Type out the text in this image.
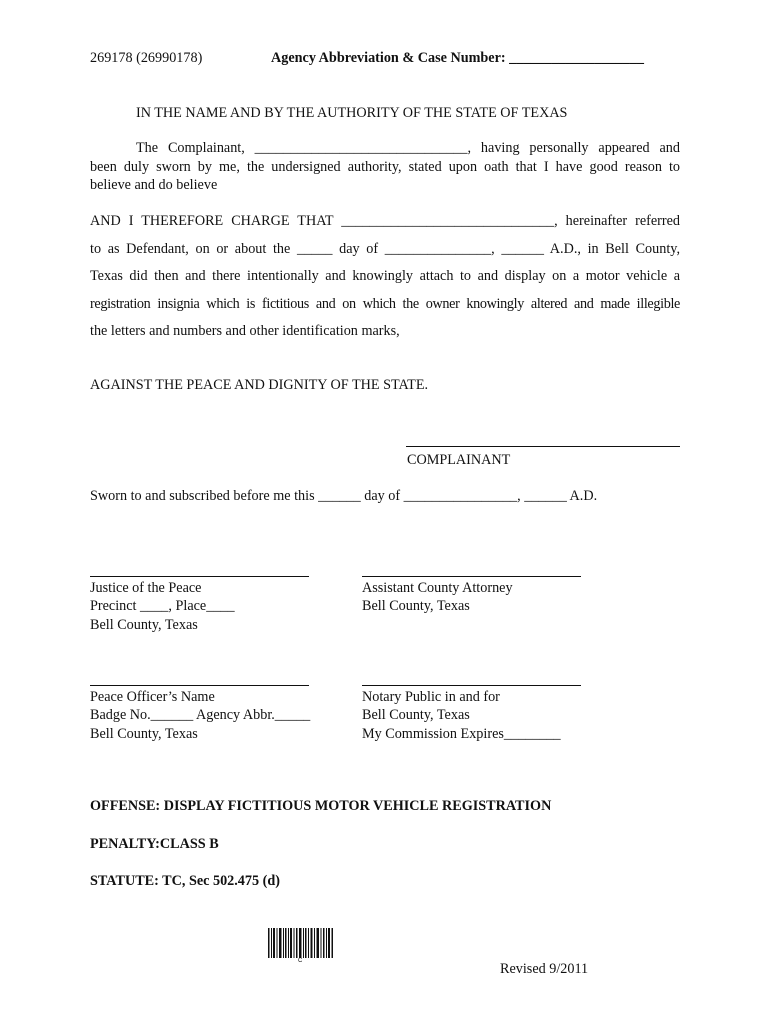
269178 (26990178)	Agency Abbreviation & Case Number: ___________________
IN THE NAME AND BY THE AUTHORITY OF THE STATE OF TEXAS
The Complainant, ______________________________, having personally appeared and
been duly sworn by me, the undersigned authority, stated upon oath that I have good reason to
believe and do believe
AND I THEREFORE CHARGE THAT ______________________________, hereinafter referred
to as Defendant, on or about the _____ day of _______________, ______ A.D., in Bell County,
Texas did then and there intentionally and knowingly attach to and display on a motor vehicle a
registration insignia which is fictitious and on which the owner knowingly altered and made illegible
the letters and numbers and other identification marks,
AGAINST THE PEACE AND DIGNITY OF THE STATE.
COMPLAINANT
Sworn to and subscribed before me this ______ day of ________________, ______ A.D.
Justice of the Peace
Precinct ____, Place____
Bell County, Texas
Assistant County Attorney
Bell County, Texas
Peace Officer’s Name
Badge No.______ Agency Abbr._____
Bell County, Texas
Notary Public in and for
Bell County, Texas
My Commission Expires________
OFFENSE: DISPLAY FICTITIOUS MOTOR VEHICLE REGISTRATION
PENALTY:CLASS B
STATUTE: TC, Sec 502.475 (d)
C	Revised 9/2011
